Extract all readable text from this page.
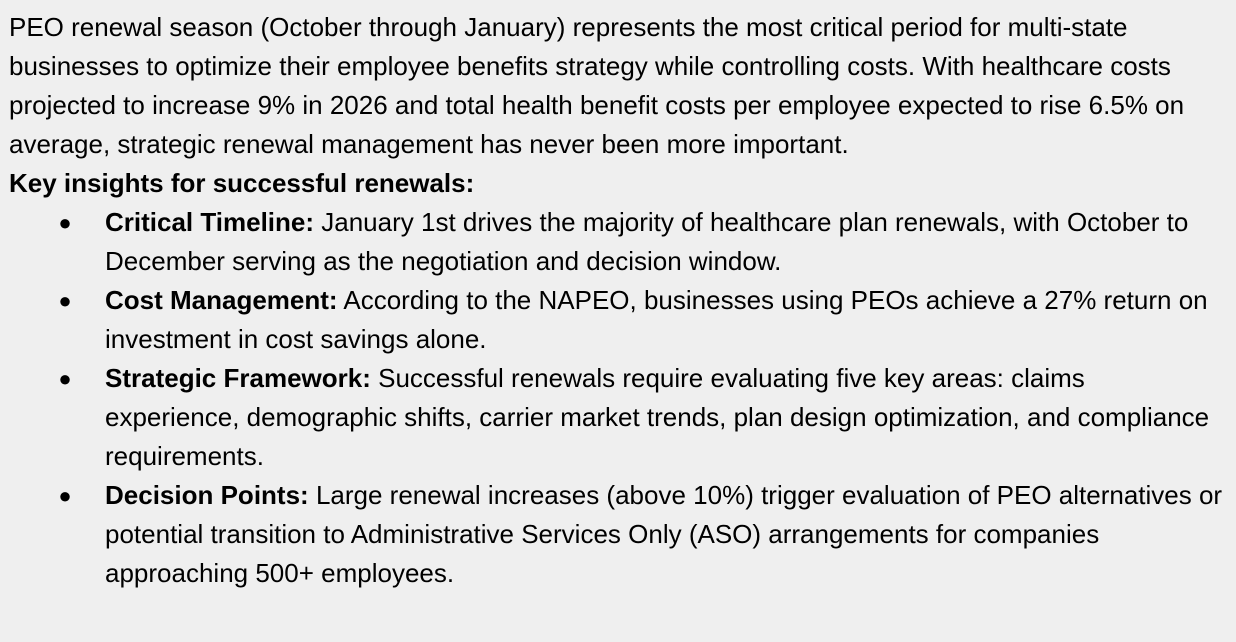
PEO renewal season (October through January) represents the most critical period for multi-state businesses to optimize their employee benefits strategy while controlling costs. With healthcare costs projected to increase 9% in 2026 and total health benefit costs per employee expected to rise 6.5% on average, strategic renewal management has never been more important.

Key insights for successful renewals:

● Critical Timeline: January 1st drives the majority of healthcare plan renewals, with October to December serving as the negotiation and decision window.
● Cost Management: According to the NAPEO, businesses using PEOs achieve a 27% return on investment in cost savings alone.
● Strategic Framework: Successful renewals require evaluating five key areas: claims experience, demographic shifts, carrier market trends, plan design optimization, and compliance requirements.
● Decision Points: Large renewal increases (above 10%) trigger evaluation of PEO alternatives or potential transition to Administrative Services Only (ASO) arrangements for companies approaching 500+ employees.
